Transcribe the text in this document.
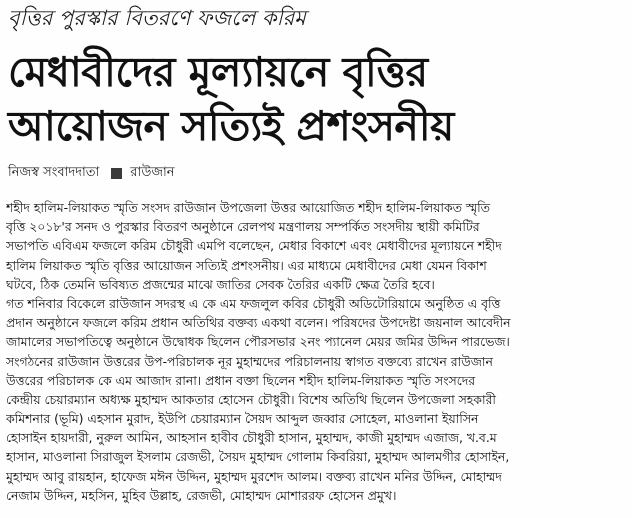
বৃত্তির পুরস্কার বিতরণে ফজলে করিম
মেধাবীদের মূল্যায়নে বৃত্তির
আয়োজন সত্যিই প্রশংসনীয়
নিজস্ব সংবাদদাতা রাউজান
শহীদ হালিম-লিয়াকত স্মৃতি সংসদ রাউজান উপজেলা উত্তর আয়োজিত শহীদ হালিম-লিয়াকত স্মৃতি
বৃত্তি ২০১৮'র সনদ ও পুরস্কার বিতরণ অনুষ্ঠানে রেলপথ মন্ত্রণালয় সম্পর্কিত সংসদীয় স্থায়ী কমিটির
সভাপতি এবিএম ফজলে করিম চৌধুরী এমপি বলেছেন, মেধার বিকাশে এবং মেধাবীদের মূল্যায়নে শহীদ
হালিম লিয়াকত স্মৃতি বৃত্তির আয়োজন সত্যিই প্রশংসনীয়। এর মাধ্যমে মেধাবীদের মেধা যেমন বিকাশ
ঘটবে, ঠিক তেমনি ভবিষ্যত প্রজন্মের মাঝে জাতির সেবক তৈরির একটি ক্ষেত্র তৈরি হবে।
গত শনিবার বিকেলে রাউজান সদরস্থ এ কে এম ফজলুল কবির চৌধুরী অডিটোরিয়ামে অনুষ্ঠিত এ বৃত্তি
প্রদান অনুষ্ঠানে ফজলে করিম প্রধান অতিথির বক্তব্য একথা বলেন। পরিষদের উপদেষ্টা জয়নাল আবেদীন
জামালের সভাপতিত্বে অনুষ্ঠানে উদ্বোধক ছিলেন পৌরসভার ২নং প্যানেল মেয়র জমির উদ্দিন পারভেজ।
সংগঠনের রাউজান উত্তরের উপ-পরিচালক নূর মুহাম্মদের পরিচালনায় স্বাগত বক্তব্যে রাখেন রাউজান
উত্তরের পরিচালক কে এম আজাদ রানা। প্রধান বক্তা ছিলেন শহীদ হালিম-লিয়াকত স্মৃতি সংসদের
কেন্দ্রীয় চেয়ারম্যান অধ্যক্ষ মুহাম্মদ আকতার হোসেন চৌধুরী। বিশেষ অতিথি ছিলেন উপজেলা সহকারী
কমিশনার (ভূমি) এহসান মুরাদ, ইউপি চেয়ারম্যান সৈয়দ আব্দুল জব্বার সোহেল, মাওলানা ইয়াসিন
হোসাইন হায়দারী, নুরুল আমিন, আহসান হাবীব চৌধুরী হাসান, মুহাম্মদ, কাজী মুহাম্মদ এজাজ, খ.ব.ম
হাসান, মাওলানা সিরাজুল ইসলাম রেজভী, সৈয়দ মুহাম্মদ গোলাম কিবরিয়া, মুহাম্মদ আলমগীর হোসাইন,
মুহাম্মদ আবু রায়হান, হাফেজ মঈন উদ্দিন, মুহাম্মদ মুরশেদ আলম। বক্তব্য রাখেন মনির উদ্দিন, মোহাম্মদ
নেজাম উদ্দিন, মহসিন, মুহিব উল্লাহ, রেজভী, মোহাম্মদ মোশাররফ হোসেন প্রমুখ।
